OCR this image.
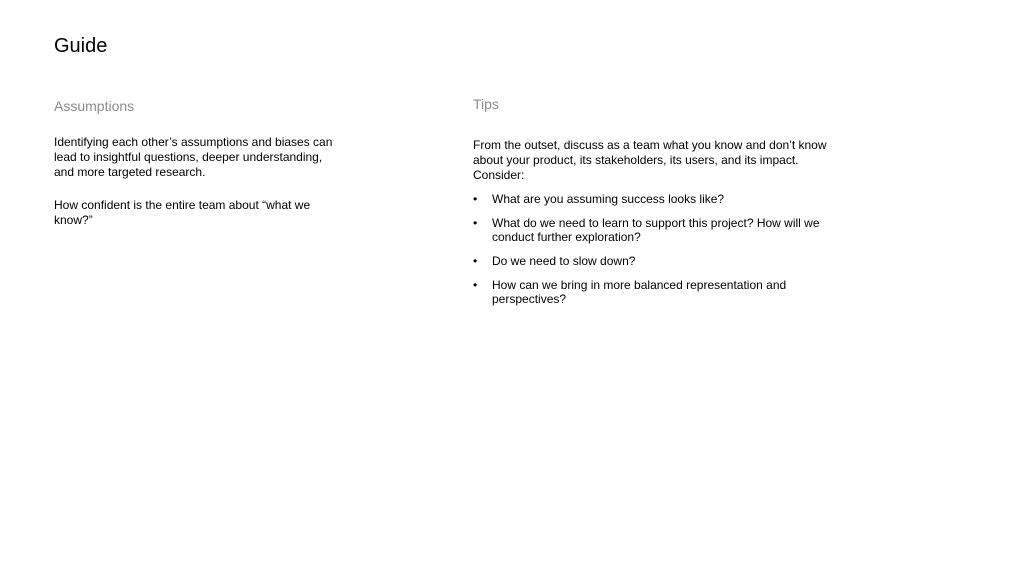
Guide
Assumptions

Identifying each other’s assumptions and biases can lead to insightful questions, deeper understanding, and more targeted research.

How confident is the entire team about “what we know?”

Tips

From the outset, discuss as a team what you know and don’t know about your product, its stakeholders, its users, and its impact. Consider:

• What are you assuming success looks like?
• What do we need to learn to support this project? How will we conduct further exploration?
• Do we need to slow down?
• How can we bring in more balanced representation and perspectives?
